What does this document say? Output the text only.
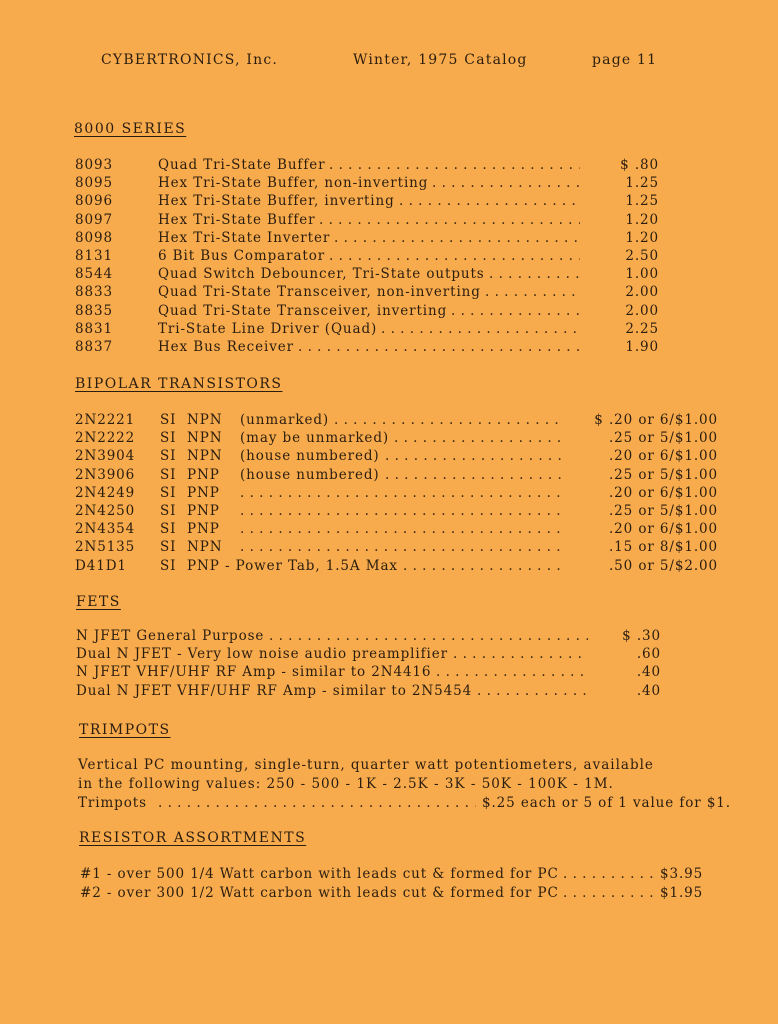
CYBERTRONICS, Inc.	Winter, 1975 Catalog	page 11
8000 SERIES
. . .
8093	Quad Tri-State Buffer	$ .80
. . .
8095	Hex Tri-State Buffer, non-inverting	1.25
. . .
8096	Hex Tri-State Buffer, inverting	1.25
. . .
8097	Hex Tri-State Buffer	1.20
. . .
8098	Hex Tri-State Inverter	1.20
. . .
8131	6 Bit Bus Comparator	2.50
. . .
8544	Quad Switch Debouncer, Tri-State outputs	1.00
. . .
8833	Quad Tri-State Transceiver, non-inverting	2.00
. . .
8835	Quad Tri-State Transceiver, inverting	2.00
. . .
8831	Tri-State Line Driver (Quad)	2.25
. . .
8837	Hex Bus Receiver	1.90
BIPOLAR TRANSISTORS
. . .
2N2221 SI NPN (unmarked)	$ .20 or 6/$1.00
. . .
2N2222 SI NPN (may be unmarked)	.25 or 5/$1.00
. . .
2N3904 SI NPN (house numbered)	.20 or 6/$1.00
. . .
2N3906 SI PNP (house numbered)	.25 or 5/$1.00
. . .
2N4249 SI PNP	.20 or 6/$1.00
. . .
2N4250 SI PNP	.25 or 5/$1.00
. . .
2N4354 SI PNP	.20 or 6/$1.00
. . .
2N5135 SI NPN	.15 or 8/$1.00
. . .
D41D1 SI PNP - Power Tab, 1.5A Max	.50 or 5/$2.00
FETS
. . .
N JFET General Purpose	$ .30
. . .
Dual N JFET - Very low noise audio preamplifier	.60
. . .
N JFET VHF/UHF RF Amp - similar to 2N4416	.40
. . .
Dual N JFET VHF/UHF RF Amp - similar to 2N5454	.40
TRIMPOTS
Vertical PC mounting, single-turn, quarter watt potentiometers, available
in the following values: 250 - 500 - 1K - 2.5K - 3K - 50K - 100K - 1M.
Trimpots
. . .	$.25 each or 5 of 1 value for $1.
RESISTOR ASSORTMENTS
. . .
#1 - over 500 1/4 Watt carbon with leads cut & formed for PC	$3.95
. . .
#2 - over 300 1/2 Watt carbon with leads cut & formed for PC	$1.95
